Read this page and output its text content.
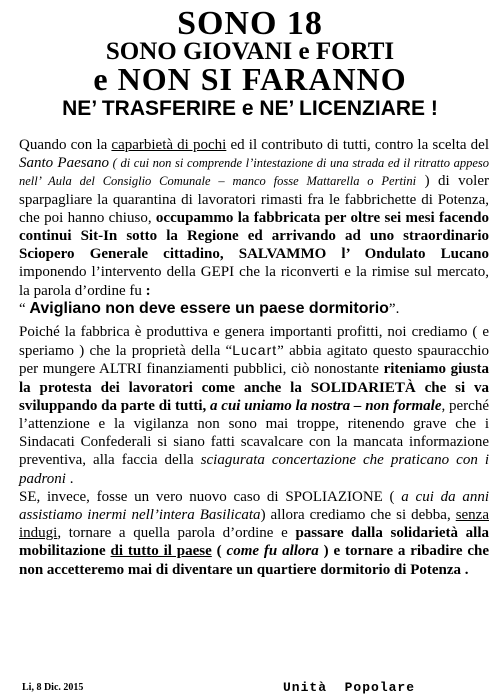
SONO 18
SONO GIOVANI e FORTI
e NON SI FARANNO
NE’ TRASFERIRE e NE’ LICENZIARE !

Quando con la caparbietà di pochi ed il contributo di tutti, contro la scelta del Santo Paesano ( di cui non si comprende l’intestazione di una strada ed il ritratto appeso nell’ Aula del Consiglio Comunale – manco fosse Mattarella o Pertini ) di voler sparpagliare la quarantina di lavoratori rimasti fra le fabbrichette di Potenza, che poi hanno chiuso, occupammo la fabbricata per oltre sei mesi facendo continui Sit-In sotto la Regione ed arrivando ad uno straordinario Sciopero Generale cittadino, SALVAMMO l’ Ondulato Lucano imponendo l’intervento della GEPI che la riconverti e la rimise sul mercato, la parola d’ordine fu :
“ Avigliano non deve essere un paese dormitorio”.

Poiché la fabbrica è produttiva e genera importanti profitti, noi crediamo ( e speriamo ) che la proprietà della “Lucart” abbia agitato questo spauracchio per mungere ALTRI finanziamenti pubblici, ciò nonostante riteniamo giusta la protesta dei lavoratori come anche la SOLIDARIETÀ che si va sviluppando da parte di tutti, a cui uniamo la nostra – non formale, perché l’attenzione e la vigilanza non sono mai troppe, ritenendo grave che i Sindacati Confederali si siano fatti scavalcare con la mancata informazione preventiva, alla faccia della sciagurata concertazione che praticano con i padroni .
SE, invece, fosse un vero nuovo caso di SPOLIAZIONE ( a cui da anni assistiamo inermi nell’intera Basilicata) allora crediamo che si debba, senza indugi, tornare a quella parola d’ordine e passare dalla solidarietà alla mobilitazione di tutto il paese ( come fu allora ) e tornare a ribadire che non accetteremo mai di diventare un quartiere dormitorio di Potenza .

Li, 8 Dic. 2015	Unità  Popolare
